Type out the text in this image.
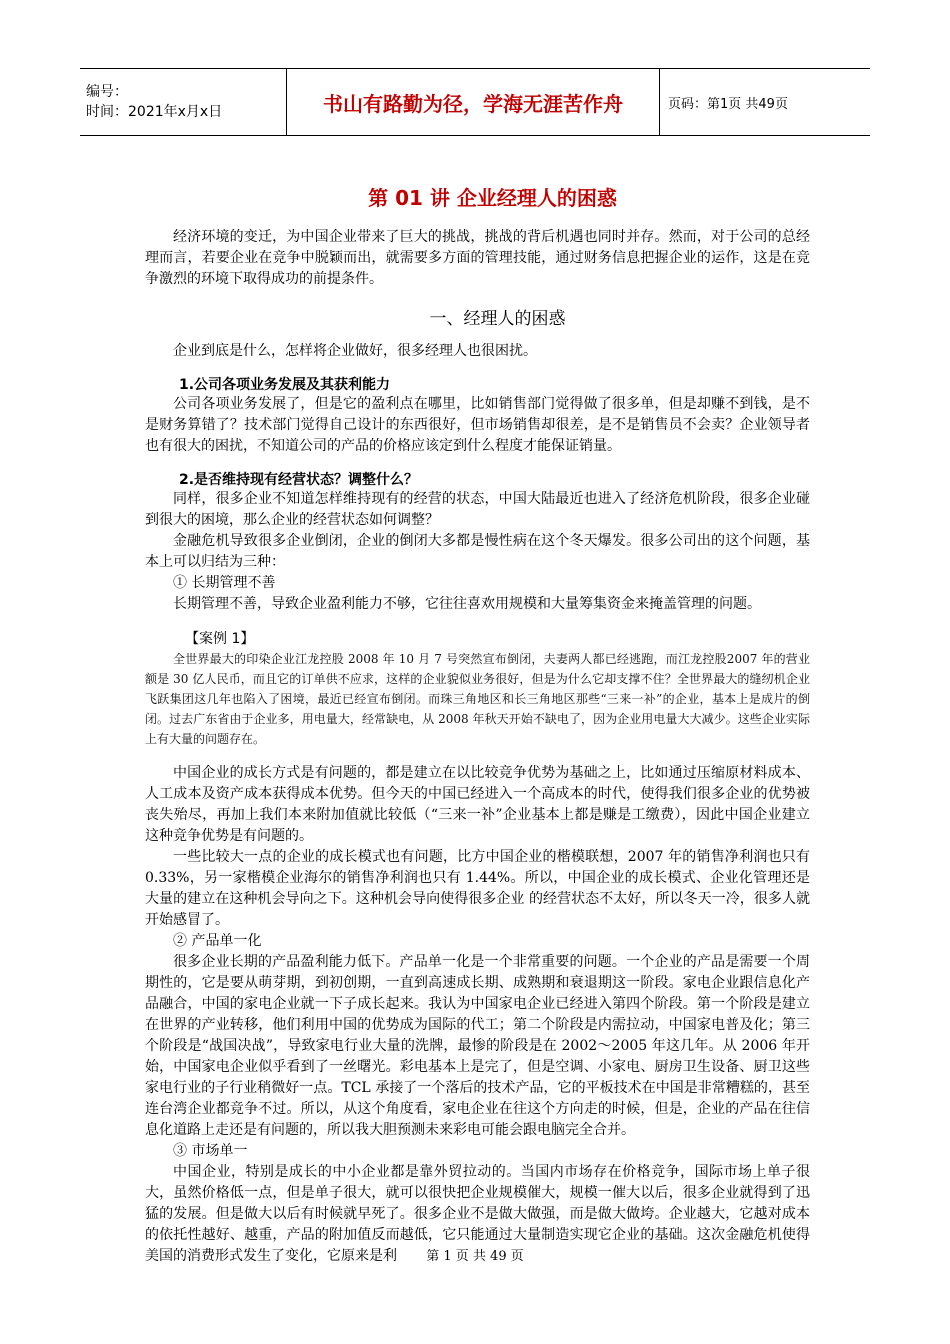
编号：
时间：2021年x月x日	书山有路勤为径，学海无涯苦作舟	页码：第1页 共49页
第 01 讲 企业经理人的困惑

经济环境的变迁，为中国企业带来了巨大的挑战，挑战的背后机遇也同时并存。然而，对于公司的总经理而言，若要企业在竞争中脱颖而出，就需要多方面的管理技能，通过财务信息把握企业的运作，这是在竞争激烈的环境下取得成功的前提条件。

一、经理人的困惑

企业到底是什么，怎样将企业做好，很多经理人也很困扰。

1.公司各项业务发展及其获利能力

公司各项业务发展了，但是它的盈利点在哪里，比如销售部门觉得做了很多单，但是却赚不到钱，是不是财务算错了？技术部门觉得自己设计的东西很好，但市场销售却很差，是不是销售员不会卖？企业领导者也有很大的困扰，不知道公司的产品的价格应该定到什么程度才能保证销量。

2.是否维持现有经营状态？调整什么？

同样，很多企业不知道怎样维持现有的经营的状态，中国大陆最近也进入了经济危机阶段，很多企业碰到很大的困境，那么企业的经营状态如何调整？

金融危机导致很多企业倒闭，企业的倒闭大多都是慢性病在这个冬天爆发。很多公司出的这个问题，基本上可以归结为三种：

① 长期管理不善

长期管理不善，导致企业盈利能力不够，它往往喜欢用规模和大量筹集资金来掩盖管理的问题。

【案例 1】

全世界最大的印染企业江龙控股 2008 年 10 月 7 号突然宣布倒闭，夫妻两人都已经逃跑，而江龙控股2007 年的营业额是 30 亿人民币，而且它的订单供不应求，这样的企业貌似业务很好，但是为什么它却支撑不住？全世界最大的缝纫机企业飞跃集团这几年也陷入了困境，最近已经宣布倒闭。而珠三角地区和长三角地区那些“三来一补”的企业，基本上是成片的倒闭。过去广东省由于企业多，用电量大，经常缺电，从 2008 年秋天开始不缺电了，因为企业用电量大大减少。这些企业实际上有大量的问题存在。

中国企业的成长方式是有问题的，都是建立在以比较竞争优势为基础之上，比如通过压缩原材料成本、人工成本及资产成本获得成本优势。但今天的中国已经进入一个高成本的时代，使得我们很多企业的优势被丧失殆尽，再加上我们本来附加值就比较低（“三来一补”企业基本上都是赚是工缴费），因此中国企业建立这种竞争优势是有问题的。

一些比较大一点的企业的成长模式也有问题，比方中国企业的楷模联想，2007 年的销售净利润也只有 0.33%，另一家楷模企业海尔的销售净利润也只有 1.44%。所以，中国企业的成长模式、企业化管理还是大量的建立在这种机会导向之下。这种机会导向使得很多企业 的经营状态不太好，所以冬天一冷，很多人就开始感冒了。

② 产品单一化

很多企业长期的产品盈利能力低下。产品单一化是一个非常重要的问题。一个企业的产品是需要一个周期性的，它是要从萌芽期，到初创期，一直到高速成长期、成熟期和衰退期这一阶段。家电企业跟信息化产品融合，中国的家电企业就一下子成长起来。我认为中国家电企业已经进入第四个阶段。第一个阶段是建立在世界的产业转移，他们利用中国的优势成为国际的代工；第二个阶段是内需拉动，中国家电普及化；第三个阶段是“战国决战”，导致家电行业大量的洗牌，最惨的阶段是在 2002～2005 年这几年。从 2006 年开始，中国家电企业似乎看到了一丝曙光。彩电基本上是完了，但是空调、小家电、厨房卫生设备、厨卫这些家电行业的子行业稍微好一点。TCL 承接了一个落后的技术产品，它的平板技术在中国是非常糟糕的，甚至连台湾企业都竞争不过。所以，从这个角度看，家电企业在往这个方向走的时候，但是，企业的产品在往信息化道路上走还是有问题的，所以我大胆预测未来彩电可能会跟电脑完全合并。

③ 市场单一

中国企业，特别是成长的中小企业都是靠外贸拉动的。当国内市场存在价格竞争，国际市场上单子很大，虽然价格低一点，但是单子很大，就可以很快把企业规模催大，规模一催大以后，很多企业就得到了迅猛的发展。但是做大以后有时候就早死了。很多企业不是做大做强，而是做大做垮。企业越大，它越对成本的依托性越好、越重，产品的附加值反而越低，它只能通过大量制造实现它企业的基础。这次金融危机使得美国的消费形式发生了变化，它原来是利	第 1 页 共 49 页
